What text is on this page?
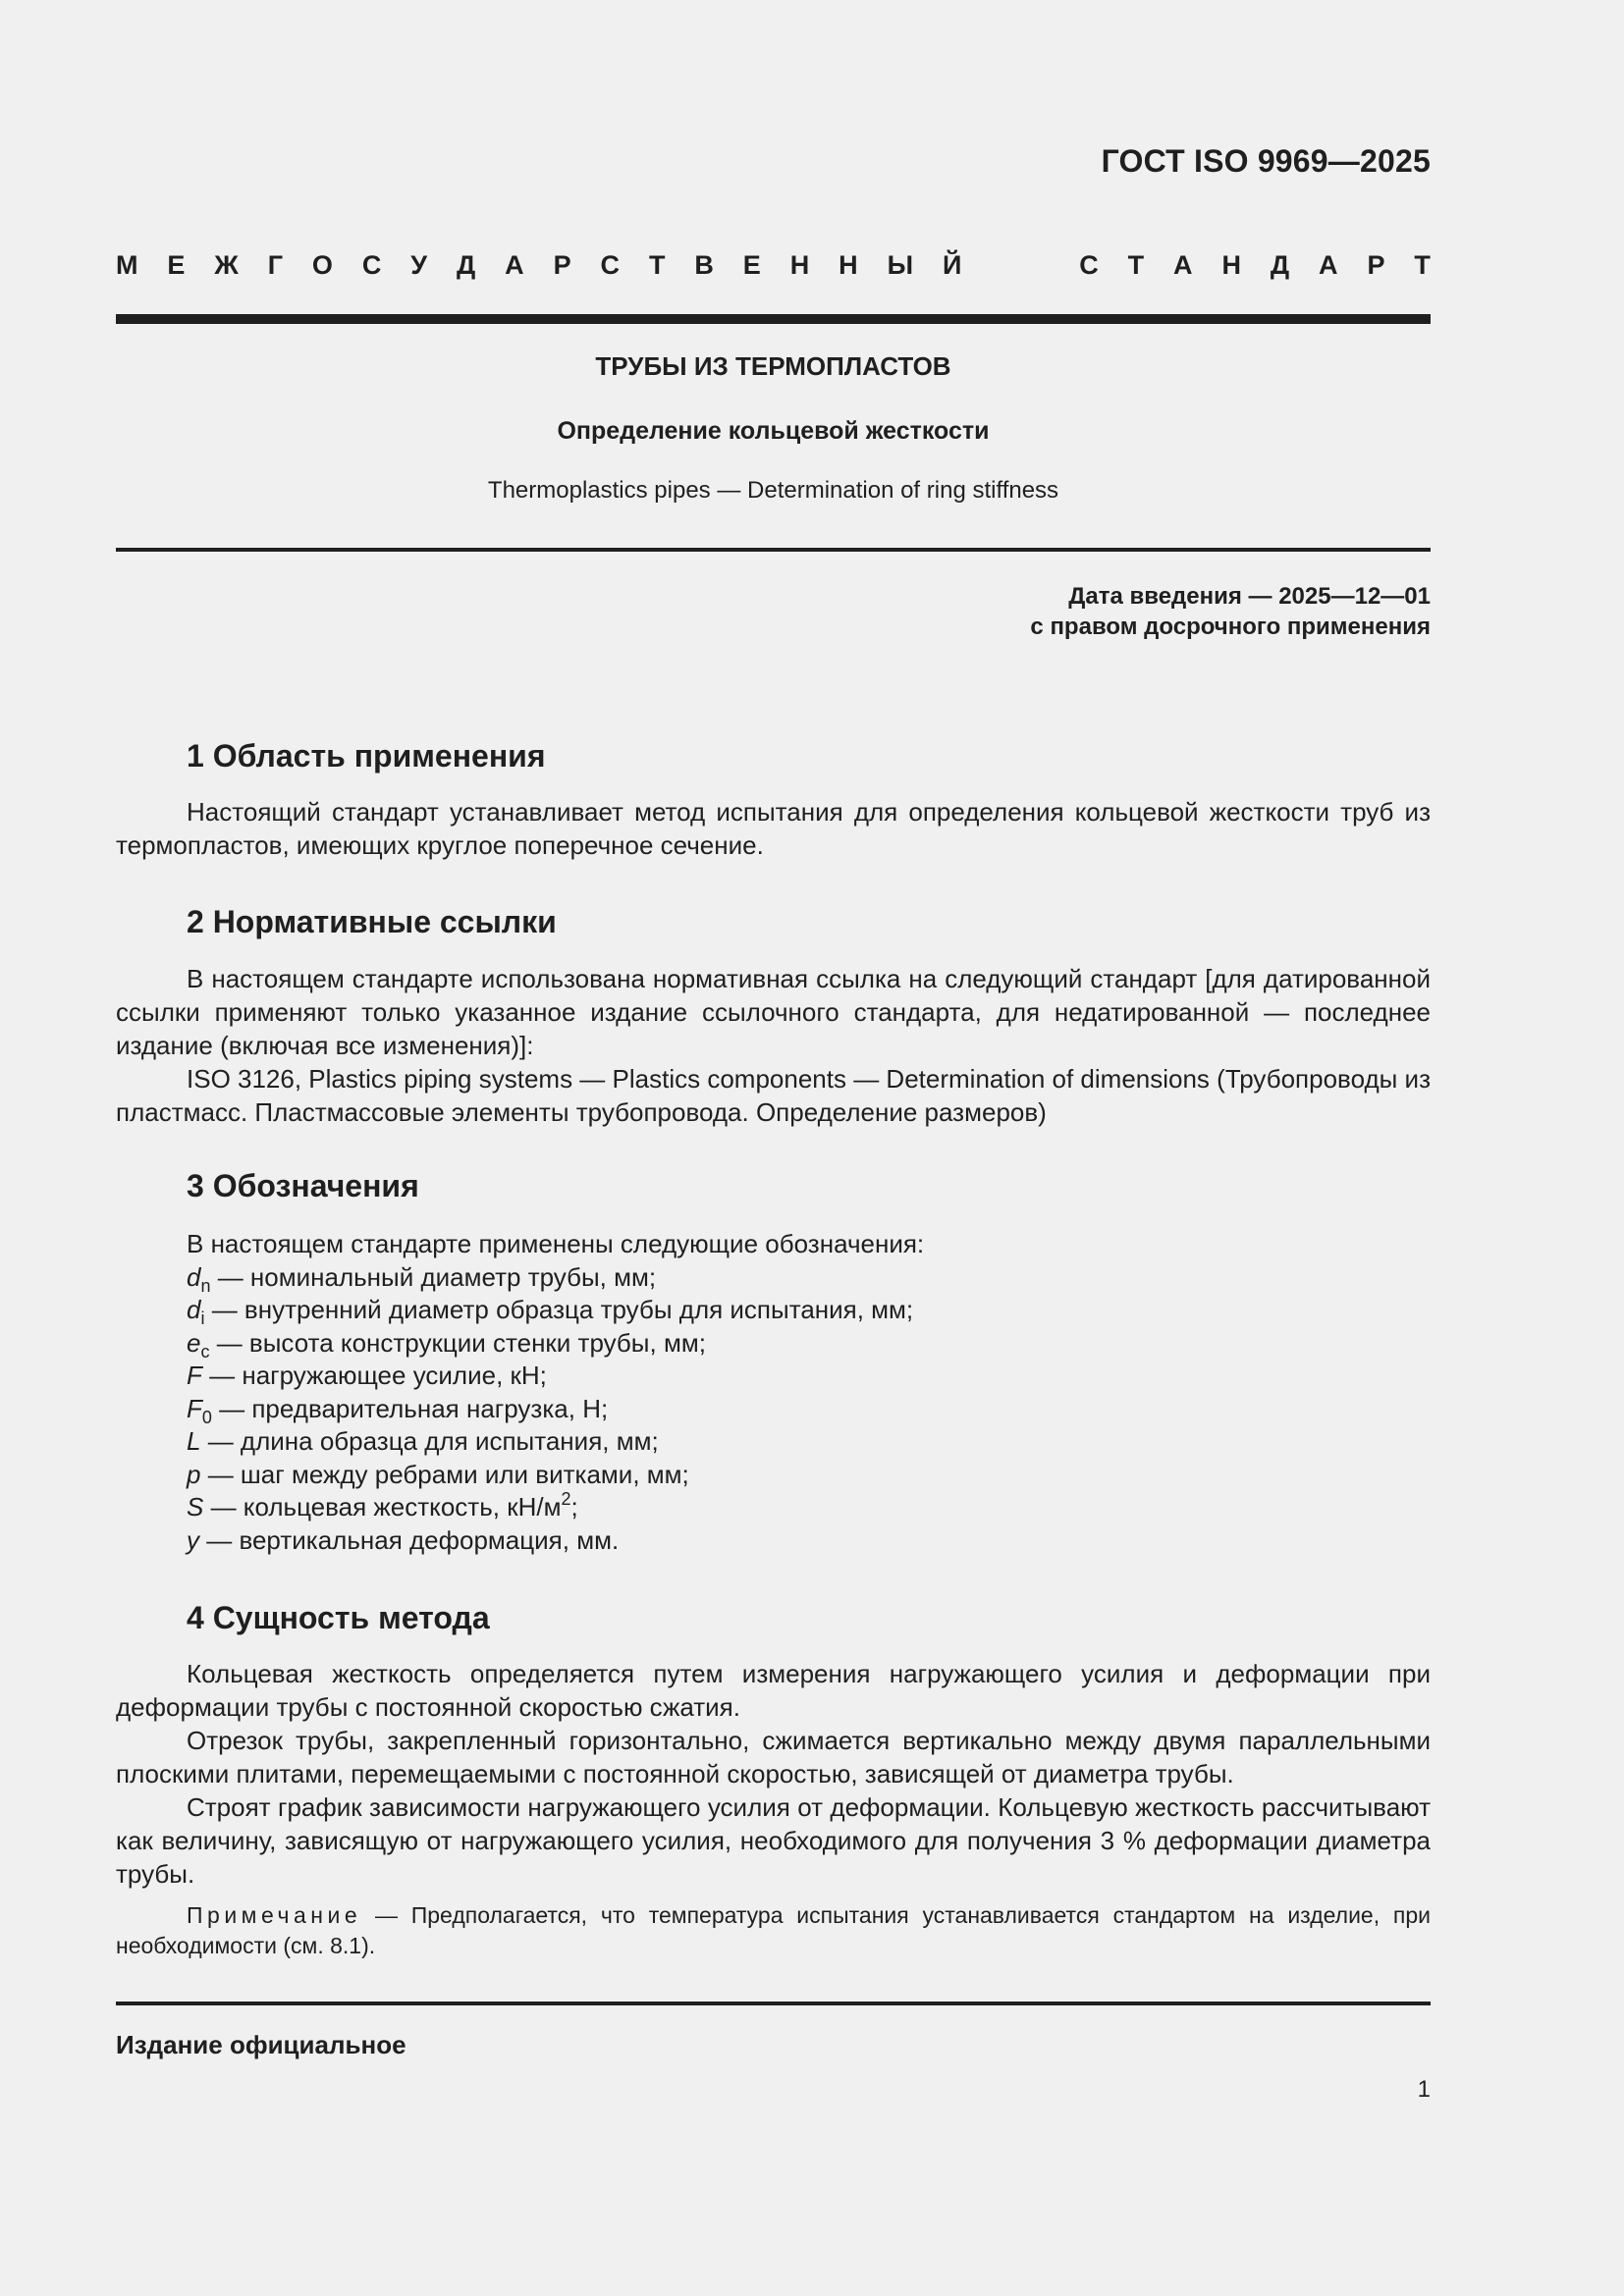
ГОСТ ISO 9969—2025
М Е Ж Г О С У Д А Р С Т В Е Н Н Ы Й	С Т А Н Д А Р Т
ТРУБЫ ИЗ ТЕРМОПЛАСТОВ
Определение кольцевой жесткости
Thermoplastics pipes — Determination of ring stiffness
Дата введения — 2025—12—01
с правом досрочного применения
1 Область применения

Настоящий стандарт устанавливает метод испытания для определения кольцевой жесткости труб из термопластов, имеющих круглое поперечное сечение.

2 Нормативные ссылки

В настоящем стандарте использована нормативная ссылка на следующий стандарт [для датированной ссылки применяют только указанное издание ссылочного стандарта, для недатированной — последнее издание (включая все изменения)]:

ISO 3126, Plastics piping systems — Plastics components — Determination of dimensions (Трубопроводы из пластмасс. Пластмассовые элементы трубопровода. Определение размеров)

3 Обозначения
В настоящем стандарте применены следующие обозначения:
$d_n$ — номинальный диаметр трубы, мм;
$d_i$ — внутренний диаметр образца трубы для испытания, мм;
$e_c$ — высота конструкции стенки трубы, мм;
F — нагружающее усилие, кН;
$F_0$ — предварительная нагрузка, Н;
L — длина образца для испытания, мм;
p — шаг между ребрами или витками, мм;
S — кольцевая жесткость, $кН/м^2$;
y — вертикальная деформация, мм.
4 Сущность метода

Кольцевая жесткость определяется путем измерения нагружающего усилия и деформации при деформации трубы с постоянной скоростью сжатия.

Отрезок трубы, закрепленный горизонтально, сжимается вертикально между двумя параллельными плоскими плитами, перемещаемыми с постоянной скоростью, зависящей от диаметра трубы.

Строят график зависимости нагружающего усилия от деформации. Кольцевую жесткость рассчитывают как величину, зависящую от нагружающего усилия, необходимого для получения 3 % деформации диаметра трубы.

Примечание — Предполагается, что температура испытания устанавливается стандартом на изделие, при необходимости (см. 8.1).
Издание официальное
1
